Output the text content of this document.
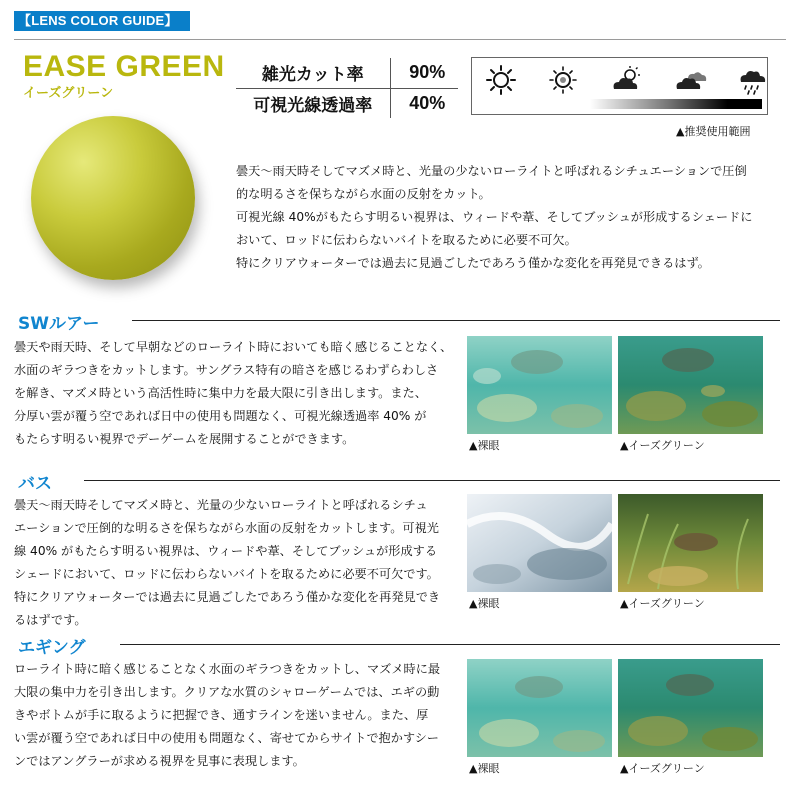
【LENS COLOR GUIDE】
EASE GREEN
イーズグリーン
雑光カット率	90%
可視光線透過率	40%
▲推奨使用範囲

曇天～雨天時そしてマズメ時と、光量の少ないローライトと呼ばれるシチュエーションで圧倒

的な明るさを保ちながら水面の反射をカット。

可視光線 40%がもたらす明るい視界は、ウィードや葦、そしてブッシュが形成するシェードに

おいて、ロッドに伝わらないバイトを取るために必要不可欠。

特にクリアウォーターでは過去に見過ごしたであろう僅かな変化を再発見できるはず。

SWルアー

曇天や雨天時、そして早朝などのローライト時においても暗く感じることなく、

水面のギラつきをカットします。サングラス特有の暗さを感じるわずらわしさ

を解き、マズメ時という高活性時に集中力を最大限に引き出します。また、

分厚い雲が覆う空であれば日中の使用も問題なく、可視光線透過率 40% が

もたらす明るい視界でデーゲームを展開することができます。	▲裸眼	▲イーズグリーン
バス

曇天～雨天時そしてマズメ時と、光量の少ないローライトと呼ばれるシチュ

エーションで圧倒的な明るさを保ちながら水面の反射をカットします。可視光

線 40% がもたらす明るい視界は、ウィードや葦、そしてブッシュが形成する

シェードにおいて、ロッドに伝わらないバイトを取るために必要不可欠です。

特にクリアウォーターでは過去に見過ごしたであろう僅かな変化を再発見でき

るはずです。

▲裸眼	▲イーズグリーン
エギング

ローライト時に暗く感じることなく水面のギラつきをカットし、マズメ時に最

大限の集中力を引き出します。クリアな水質のシャローゲームでは、エギの動

きやボトムが手に取るように把握でき、通すラインを迷いません。また、厚

い雲が覆う空であれば日中の使用も問題なく、寄せてからサイトで抱かすシー

ンではアングラーが求める視界を見事に表現します。

▲裸眼	▲イーズグリーン
